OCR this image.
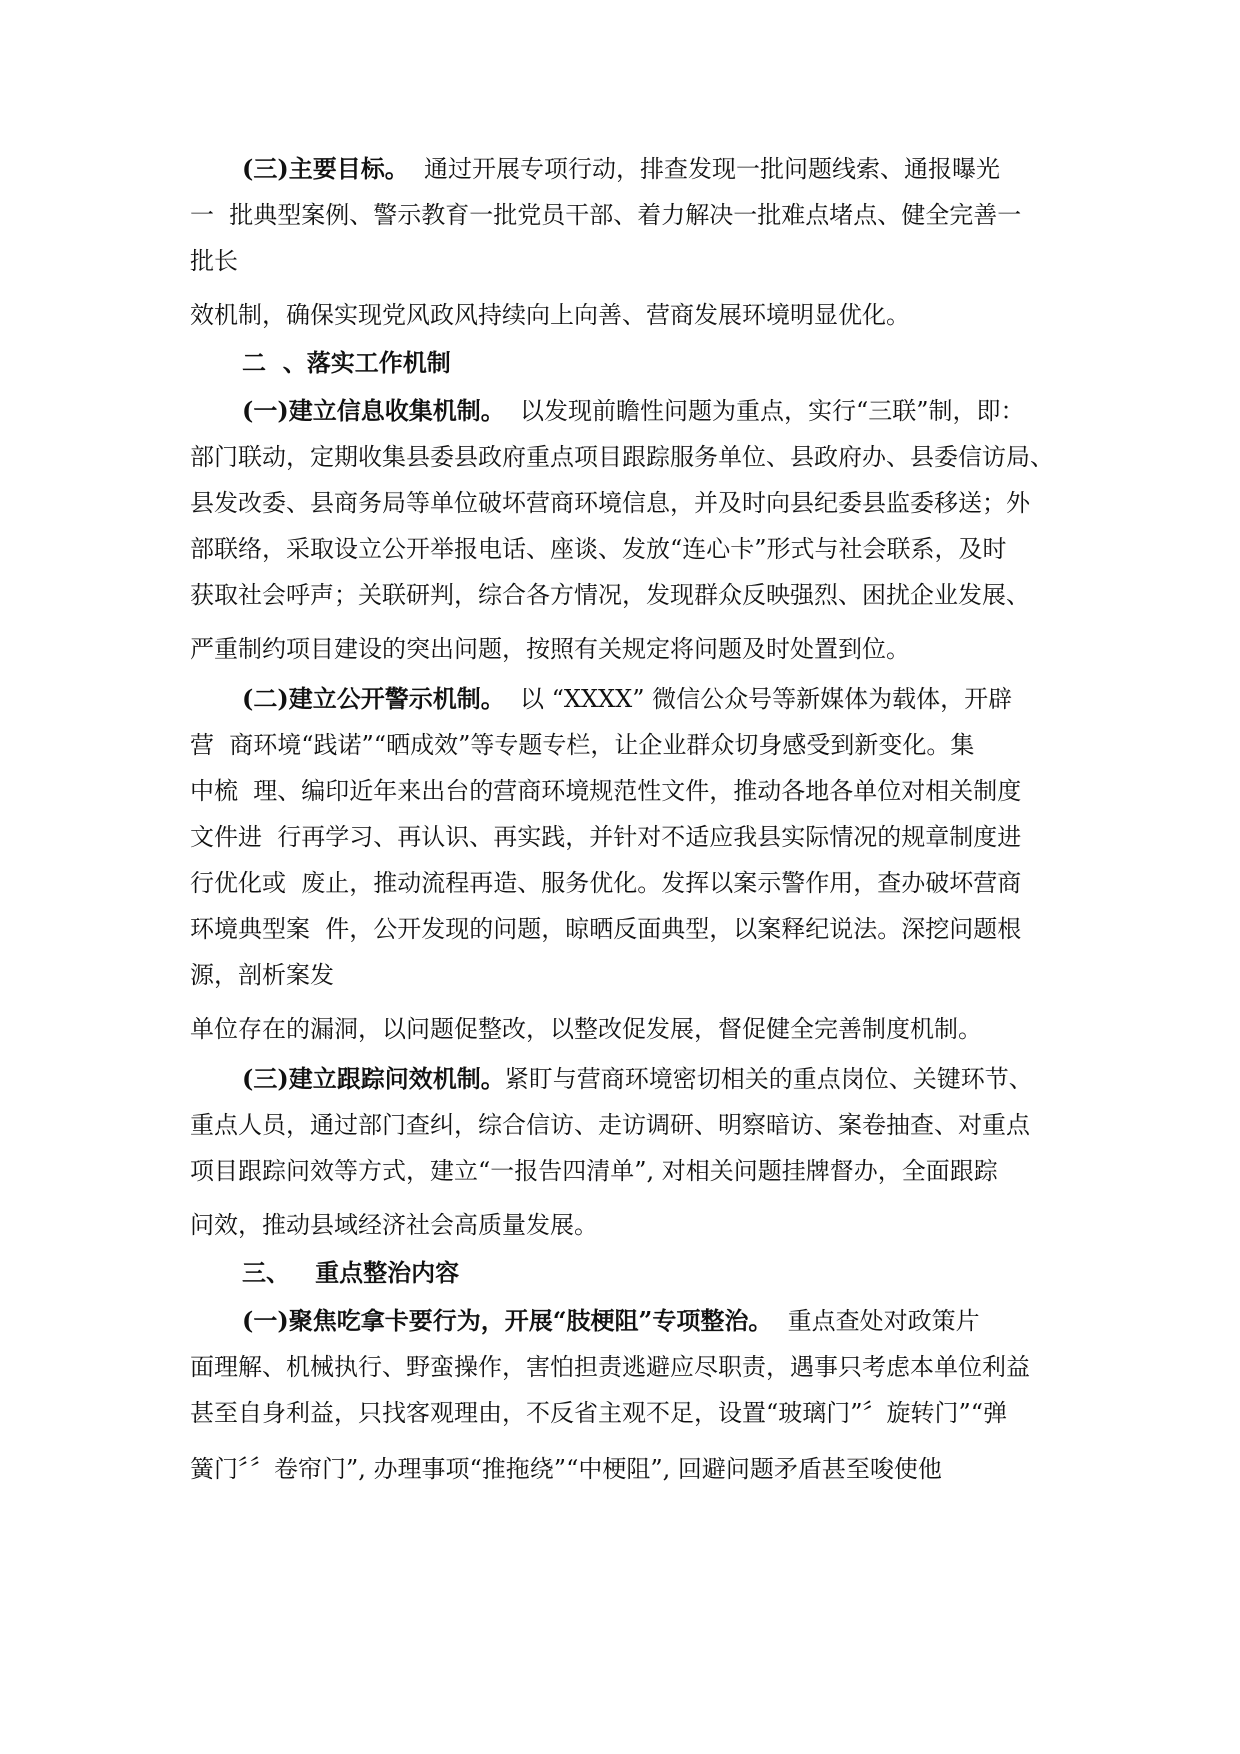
(三)主要目标。  通过开展专项行动，排查发现一批问题线索、通报曝光
一  批典型案例、警示教育一批党员干部、着力解决一批难点堵点、健全完善一
批长
效机制，确保实现党风政风持续向上向善、营商发展环境明显优化。
二  、落实工作机制
(一)建立信息收集机制。  以发现前瞻性问题为重点，实行“三联”制，即：
部门联动，定期收集县委县政府重点项目跟踪服务单位、县政府办、县委信访局、
县发改委、县商务局等单位破坏营商环境信息，并及时向县纪委县监委移送；外
部联络，采取设立公开举报电话、座谈、发放“连心卡”形式与社会联系，及时
获取社会呼声；关联研判，综合各方情况，发现群众反映强烈、困扰企业发展、
严重制约项目建设的突出问题，按照有关规定将问题及时处置到位。
(二)建立公开警示机制。  以 “XXXX” 微信公众号等新媒体为载体，开辟
营  商环境“践诺”“晒成效”等专题专栏，让企业群众切身感受到新变化。集
中梳  理、编印近年来出台的营商环境规范性文件，推动各地各单位对相关制度
文件进  行再学习、再认识、再实践，并针对不适应我县实际情况的规章制度进
行优化或  废止，推动流程再造、服务优化。发挥以案示警作用，查办破坏营商
环境典型案  件，公开发现的问题，晾晒反面典型，以案释纪说法。深挖问题根
源，剖析案发
单位存在的漏洞，以问题促整改，以整改促发展，督促健全完善制度机制。
(三)建立跟踪问效机制。紧盯与营商环境密切相关的重点岗位、关键环节、
重点人员，通过部门查纠，综合信访、走访调研、明察暗访、案卷抽查、对重点
项目跟踪问效等方式，建立“一报告四清单”, 对相关问题挂牌督办，全面跟踪
问效，推动县域经济社会高质量发展。
三、   重点整治内容
(一)聚焦吃拿卡要行为，开展“肢梗阻”专项整治。  重点查处对政策片
面理解、机械执行、野蛮操作，害怕担责逃避应尽职责，遇事只考虑本单位利益
甚至自身利益，只找客观理由，不反省主观不足，设置“玻璃门”〞旋转门”“弹
簧门〞〞卷帘门”, 办理事项“推拖绕”“中梗阻”, 回避问题矛盾甚至唆使他
